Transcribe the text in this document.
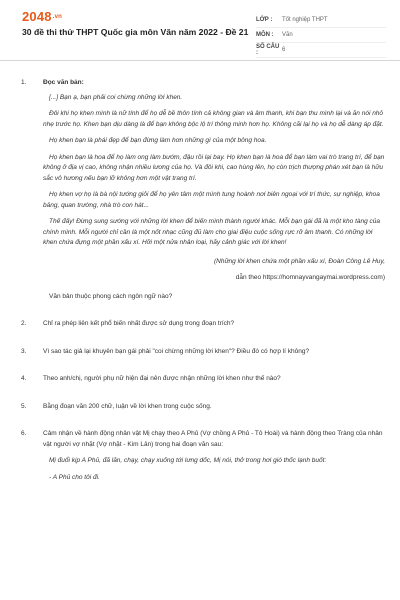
$2048^{.vn}$
30 đề thi thử THPT Quốc gia môn Văn năm 2022 - Đề 21
LỚP :	Tốt nghiệp THPT
MÔN :	Văn
SỐ CÂU :	6
1.	Đọc văn bản:

[...] Bạn ạ, bạn phải coi chừng những lời khen.

Đôi khi họ khen mình là nữ tính để họ dễ bề thôn tính cả không gian và âm thanh, khi bạn thu mình lại và ăn nói nhỏ nhẹ trước họ. Khen bạn dịu dàng là để bạn không bộc lộ trí thông minh hơn họ. Không cãi lại họ và họ dễ dàng áp đặt.

Họ khen bạn là phái đẹp để bạn đừng làm hơn những gì của một bông hoa.

Họ khen bạn là hoa để họ làm ong làm bướm, đậu rồi lại bay. Họ khen bạn là hoa để bạn làm vai trò trang trí, để bạn không ở địa vị cao, không nhận nhiều lương của họ. Và đôi khi, cao hùng lên, họ còn trịch thượng phán xét bạn là hữu sắc vô hương nếu bạn lỡ không hơn một vật trang trí.

Họ khen vợ họ là bà nội tướng giỏi để họ yên tâm một mình tung hoành nơi biên ngoại với trí thức, sự nghiệp, khoa bảng, quan trường, nhà trò con hát...

Thế đấy! Đừng sung sướng với những lời khen để biến mình thành người khác. Mỗi bạn gái đã là một kho tàng của chính mình. Mỗi người chỉ cần là một nốt nhạc cũng đủ làm cho giai điệu cuộc sống rực rỡ âm thanh. Có những lời khen chứa đựng một phần xấu xí. Hỡi một nửa nhân loại, hãy cảnh giác với lời khen!

(Những lời khen chứa một phần xấu xí, Đoàn Công Lê Huy,
dẫn theo https://homnayvangaymai.wordpress.com)
Văn bản thuộc phong cách ngôn ngữ nào?
2.	Chỉ ra phép liên kết phổ biến nhất được sử dụng trong đoạn trích?
3.	Vì sao tác giả lại khuyên bạn gái phải "coi chừng những lời khen"? Điều đó có hợp lí không?
4.	Theo anh/chị, người phụ nữ hiện đại nên được nhận những lời khen như thế nào?
5.	Bằng đoạn văn 200 chữ, luận về lời khen trong cuộc sống.
6.	Cảm nhận về hành động nhân vật Mị chạy theo A Phủ (Vợ chồng A Phủ - Tô Hoài) và hành động theo Tràng của nhân vật người vợ nhặt (Vợ nhặt - Kim Lân) trong hai đoạn văn sau:

Mị đuổi kịp A Phủ, đã lăn, chạy, chạy xuống tới lưng dốc, Mị nói, thở trong hơi gió thốc lạnh buốt:

- A Phủ cho tôi đi.
